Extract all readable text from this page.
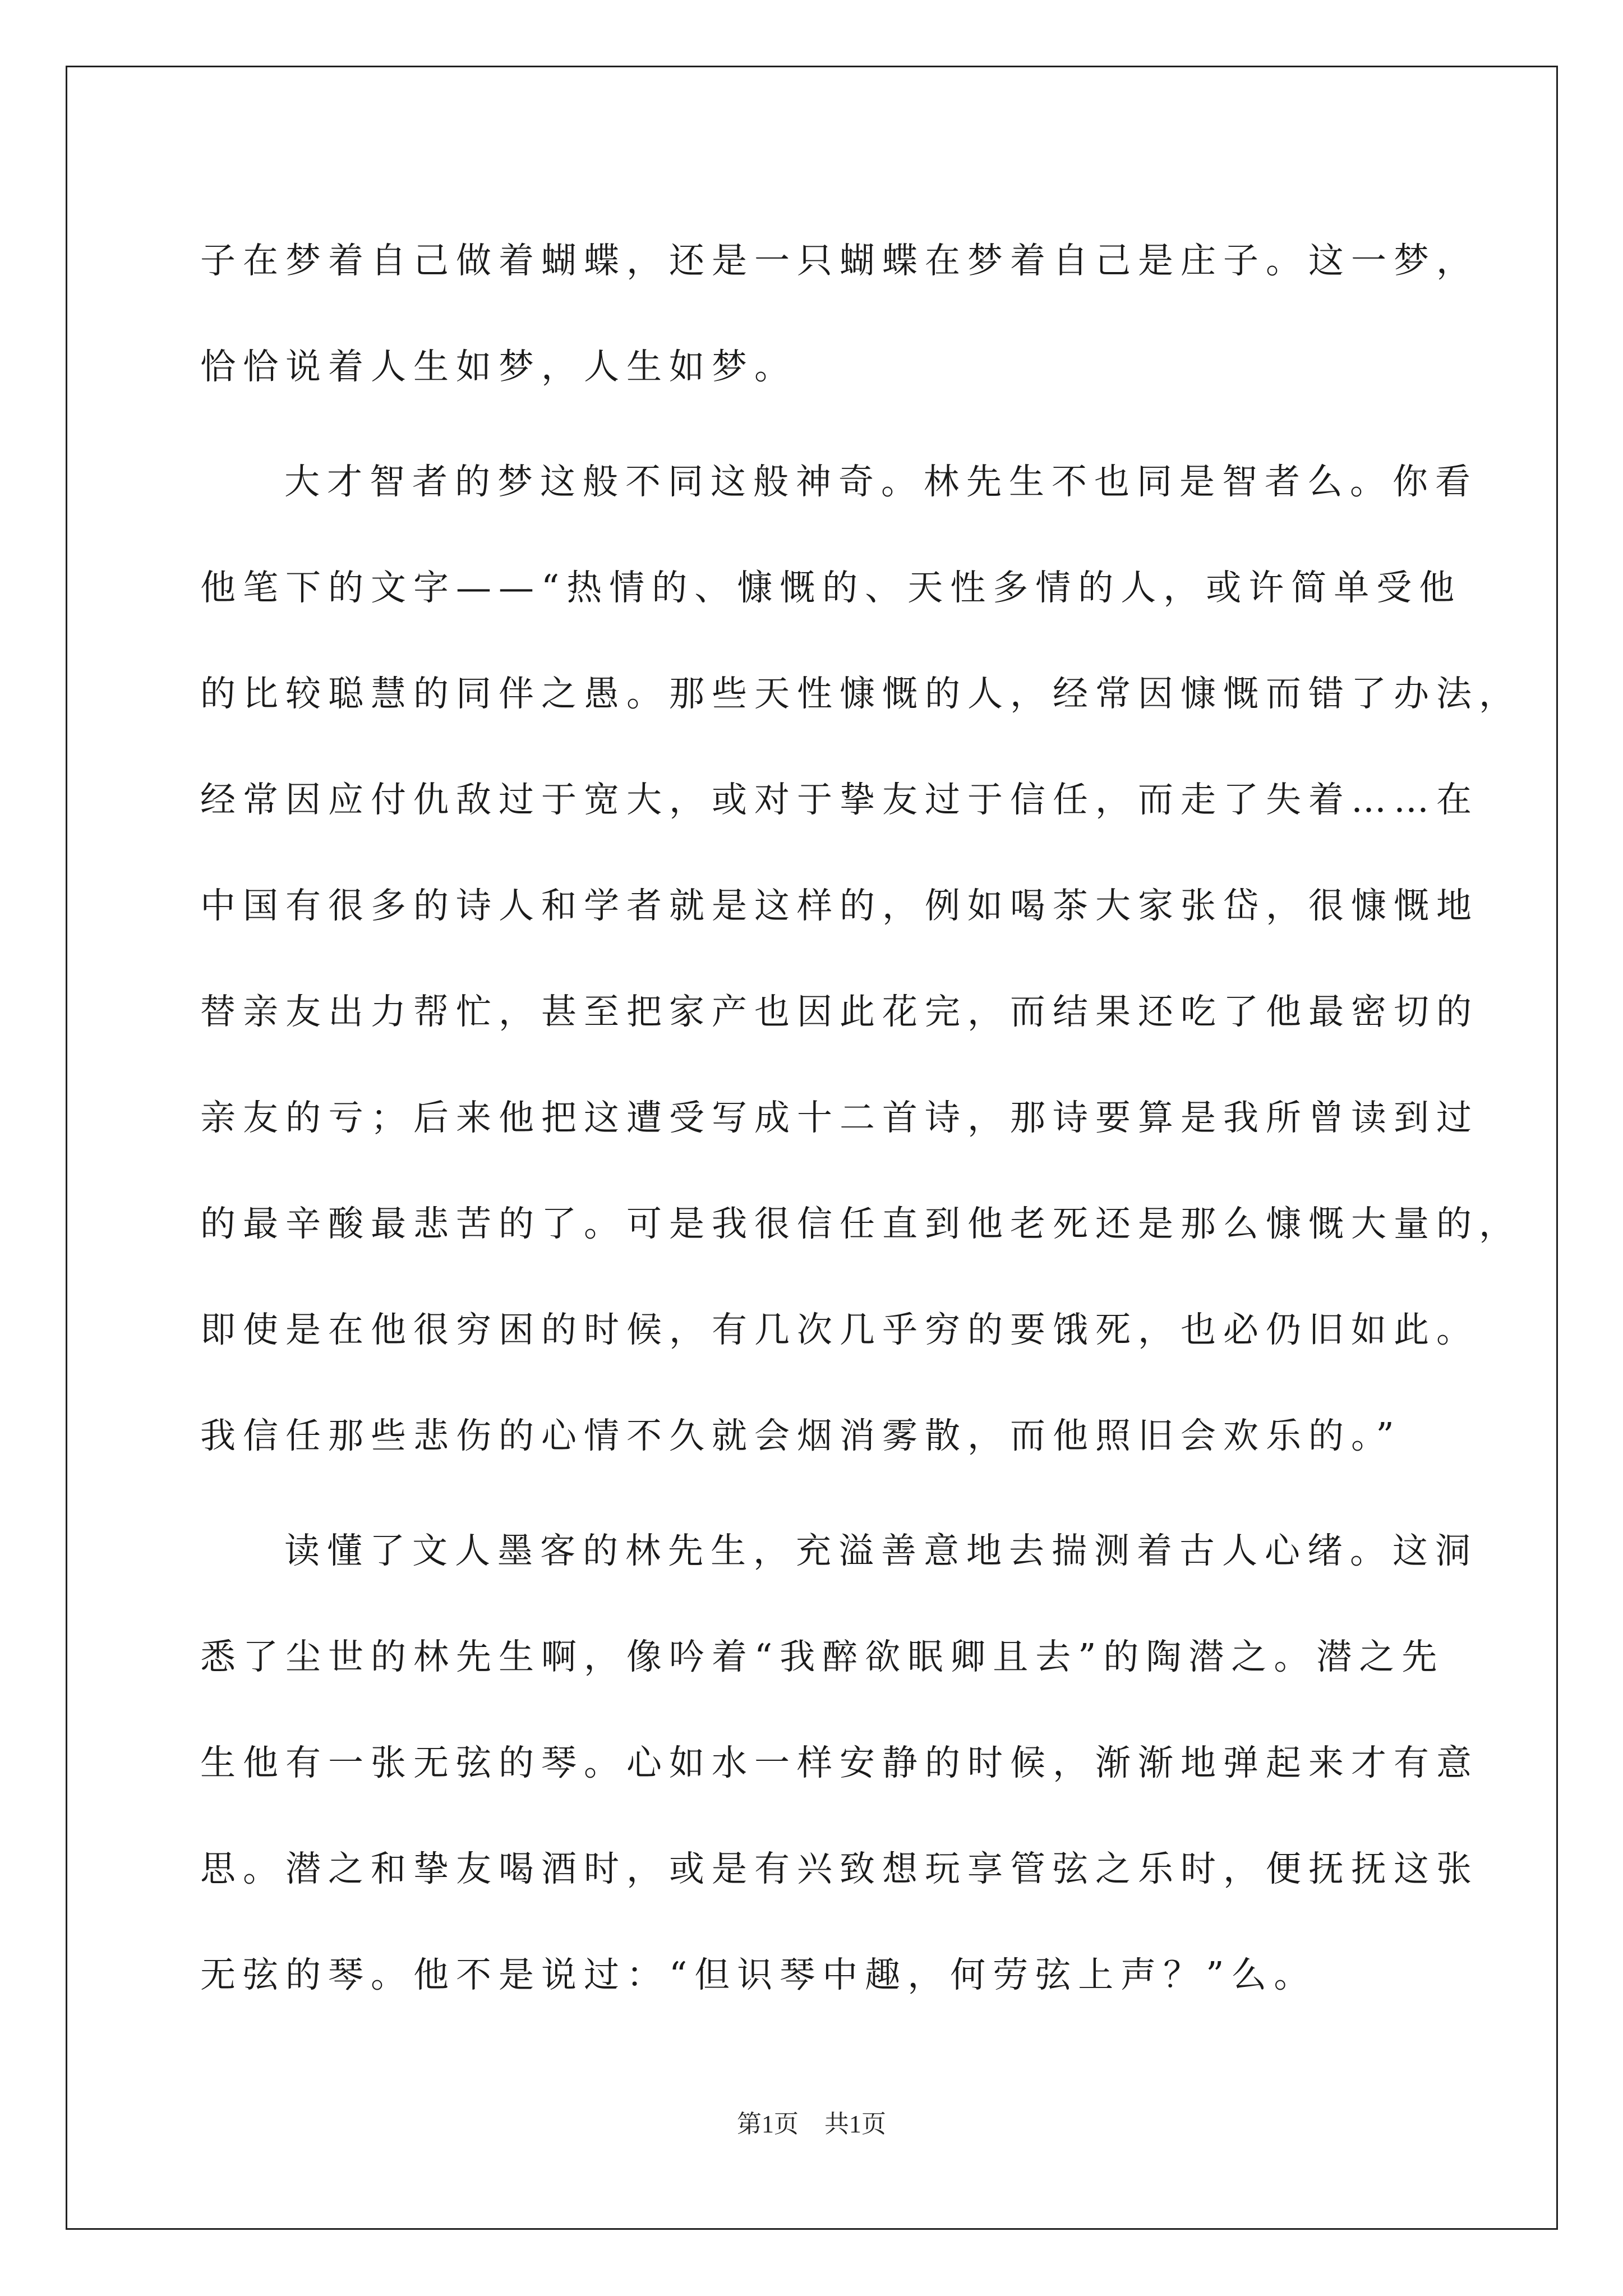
子在梦着自己做着蝴蝶，还是一只蝴蝶在梦着自己是庄子。这一梦，
恰恰说着人生如梦，人生如梦。
大才智者的梦这般不同这般神奇。林先生不也同是智者么。你看
他笔下的文字——“热情的、慷慨的、天性多情的人，或许简单受他
的比较聪慧的同伴之愚。那些天性慷慨的人，经常因慷慨而错了办法，
经常因应付仇敌过于宽大，或对于挚友过于信任，而走了失着……在
中国有很多的诗人和学者就是这样的，例如喝茶大家张岱，很慷慨地
替亲友出力帮忙，甚至把家产也因此花完，而结果还吃了他最密切的
亲友的亏；后来他把这遭受写成十二首诗，那诗要算是我所曾读到过
的最辛酸最悲苦的了。可是我很信任直到他老死还是那么慷慨大量的，
即使是在他很穷困的时候，有几次几乎穷的要饿死，也必仍旧如此。
我信任那些悲伤的心情不久就会烟消雾散，而他照旧会欢乐的。”
读懂了文人墨客的林先生，充溢善意地去揣测着古人心绪。这洞
悉了尘世的林先生啊，像吟着“我醉欲眠卿且去”的陶潜之。潜之先
生他有一张无弦的琴。心如水一样安静的时候，渐渐地弹起来才有意
思。潜之和挚友喝酒时，或是有兴致想玩享管弦之乐时，便抚抚这张
无弦的琴。他不是说过：“但识琴中趣，何劳弦上声？”么。
第1页 共1页
